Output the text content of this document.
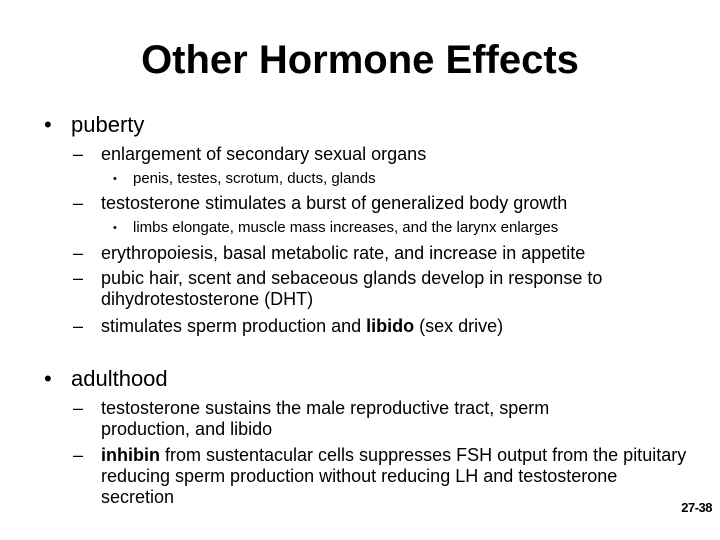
Other Hormone Effects
• puberty
– enlargement of secondary sexual organs
• penis, testes, scrotum, ducts, glands
– testosterone stimulates a burst of generalized body growth
• limbs elongate, muscle mass increases, and the larynx enlarges
– erythropoiesis, basal metabolic rate, and increase in appetite
– pubic hair, scent and sebaceous glands develop in response to dihydrotestosterone (DHT)
– stimulates sperm production and libido (sex drive)
• adulthood
– testosterone sustains the male reproductive tract, sperm production, and libido
– inhibin from sustentacular cells suppresses FSH output from the pituitary reducing sperm production without reducing LH and testosterone secretion
27-38
